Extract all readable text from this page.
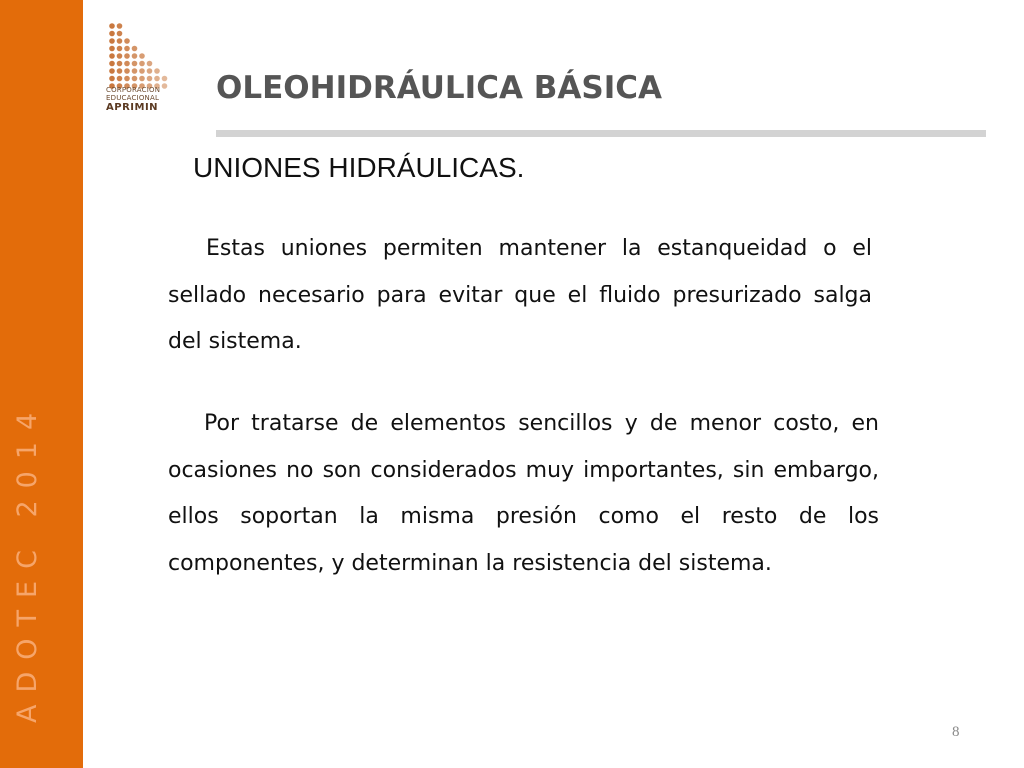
ADOTEC 2014
CORPORACION
EDUCACIONAL
APRIMIN
OLEOHIDRÁULICA BÁSICA
UNIONES HIDRÁULICAS.
Estas uniones permiten mantener la estanqueidad o el sellado necesario para evitar que el fluido presurizado salga del sistema.
Por tratarse de elementos sencillos y de menor costo, en ocasiones no son considerados muy importantes, sin embargo, ellos soportan la misma presión como el resto de los componentes, y determinan la resistencia del sistema.
8
